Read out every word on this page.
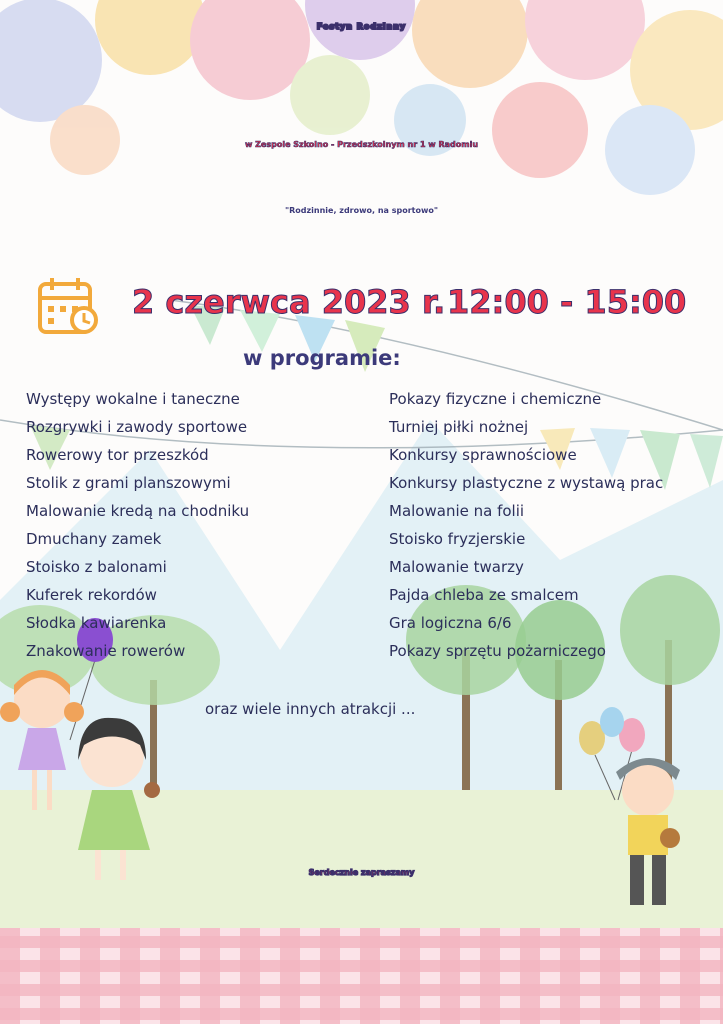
Festyn Rodzinny
w Zespole Szkolno - Przedszkolnym nr 1 w Radomiu
"Rodzinnie, zdrowo, na sportowo"
2 czerwca 2023 r. 12:00 - 15:00
w programie:
Występy wokalne i taneczne
Rozgrywki i zawody sportowe
Rowerowy tor przeszkód
Stolik z grami planszowymi
Malowanie kredą na chodniku
Dmuchany zamek
Stoisko z balonami
Kuferek rekordów
Słodka kawiarenka
Znakowanie rowerów
Pokazy fizyczne i chemiczne
Turniej piłki nożnej
Konkursy sprawnościowe
Konkursy plastyczne z wystawą prac
Malowanie na folii
Stoisko fryzjerskie
Malowanie twarzy
Pajda chleba ze smalcem
Gra logiczna 6/6
Pokazy sprzętu pożarniczego
oraz wiele innych atrakcji ...
Serdecznie zapraszamy
